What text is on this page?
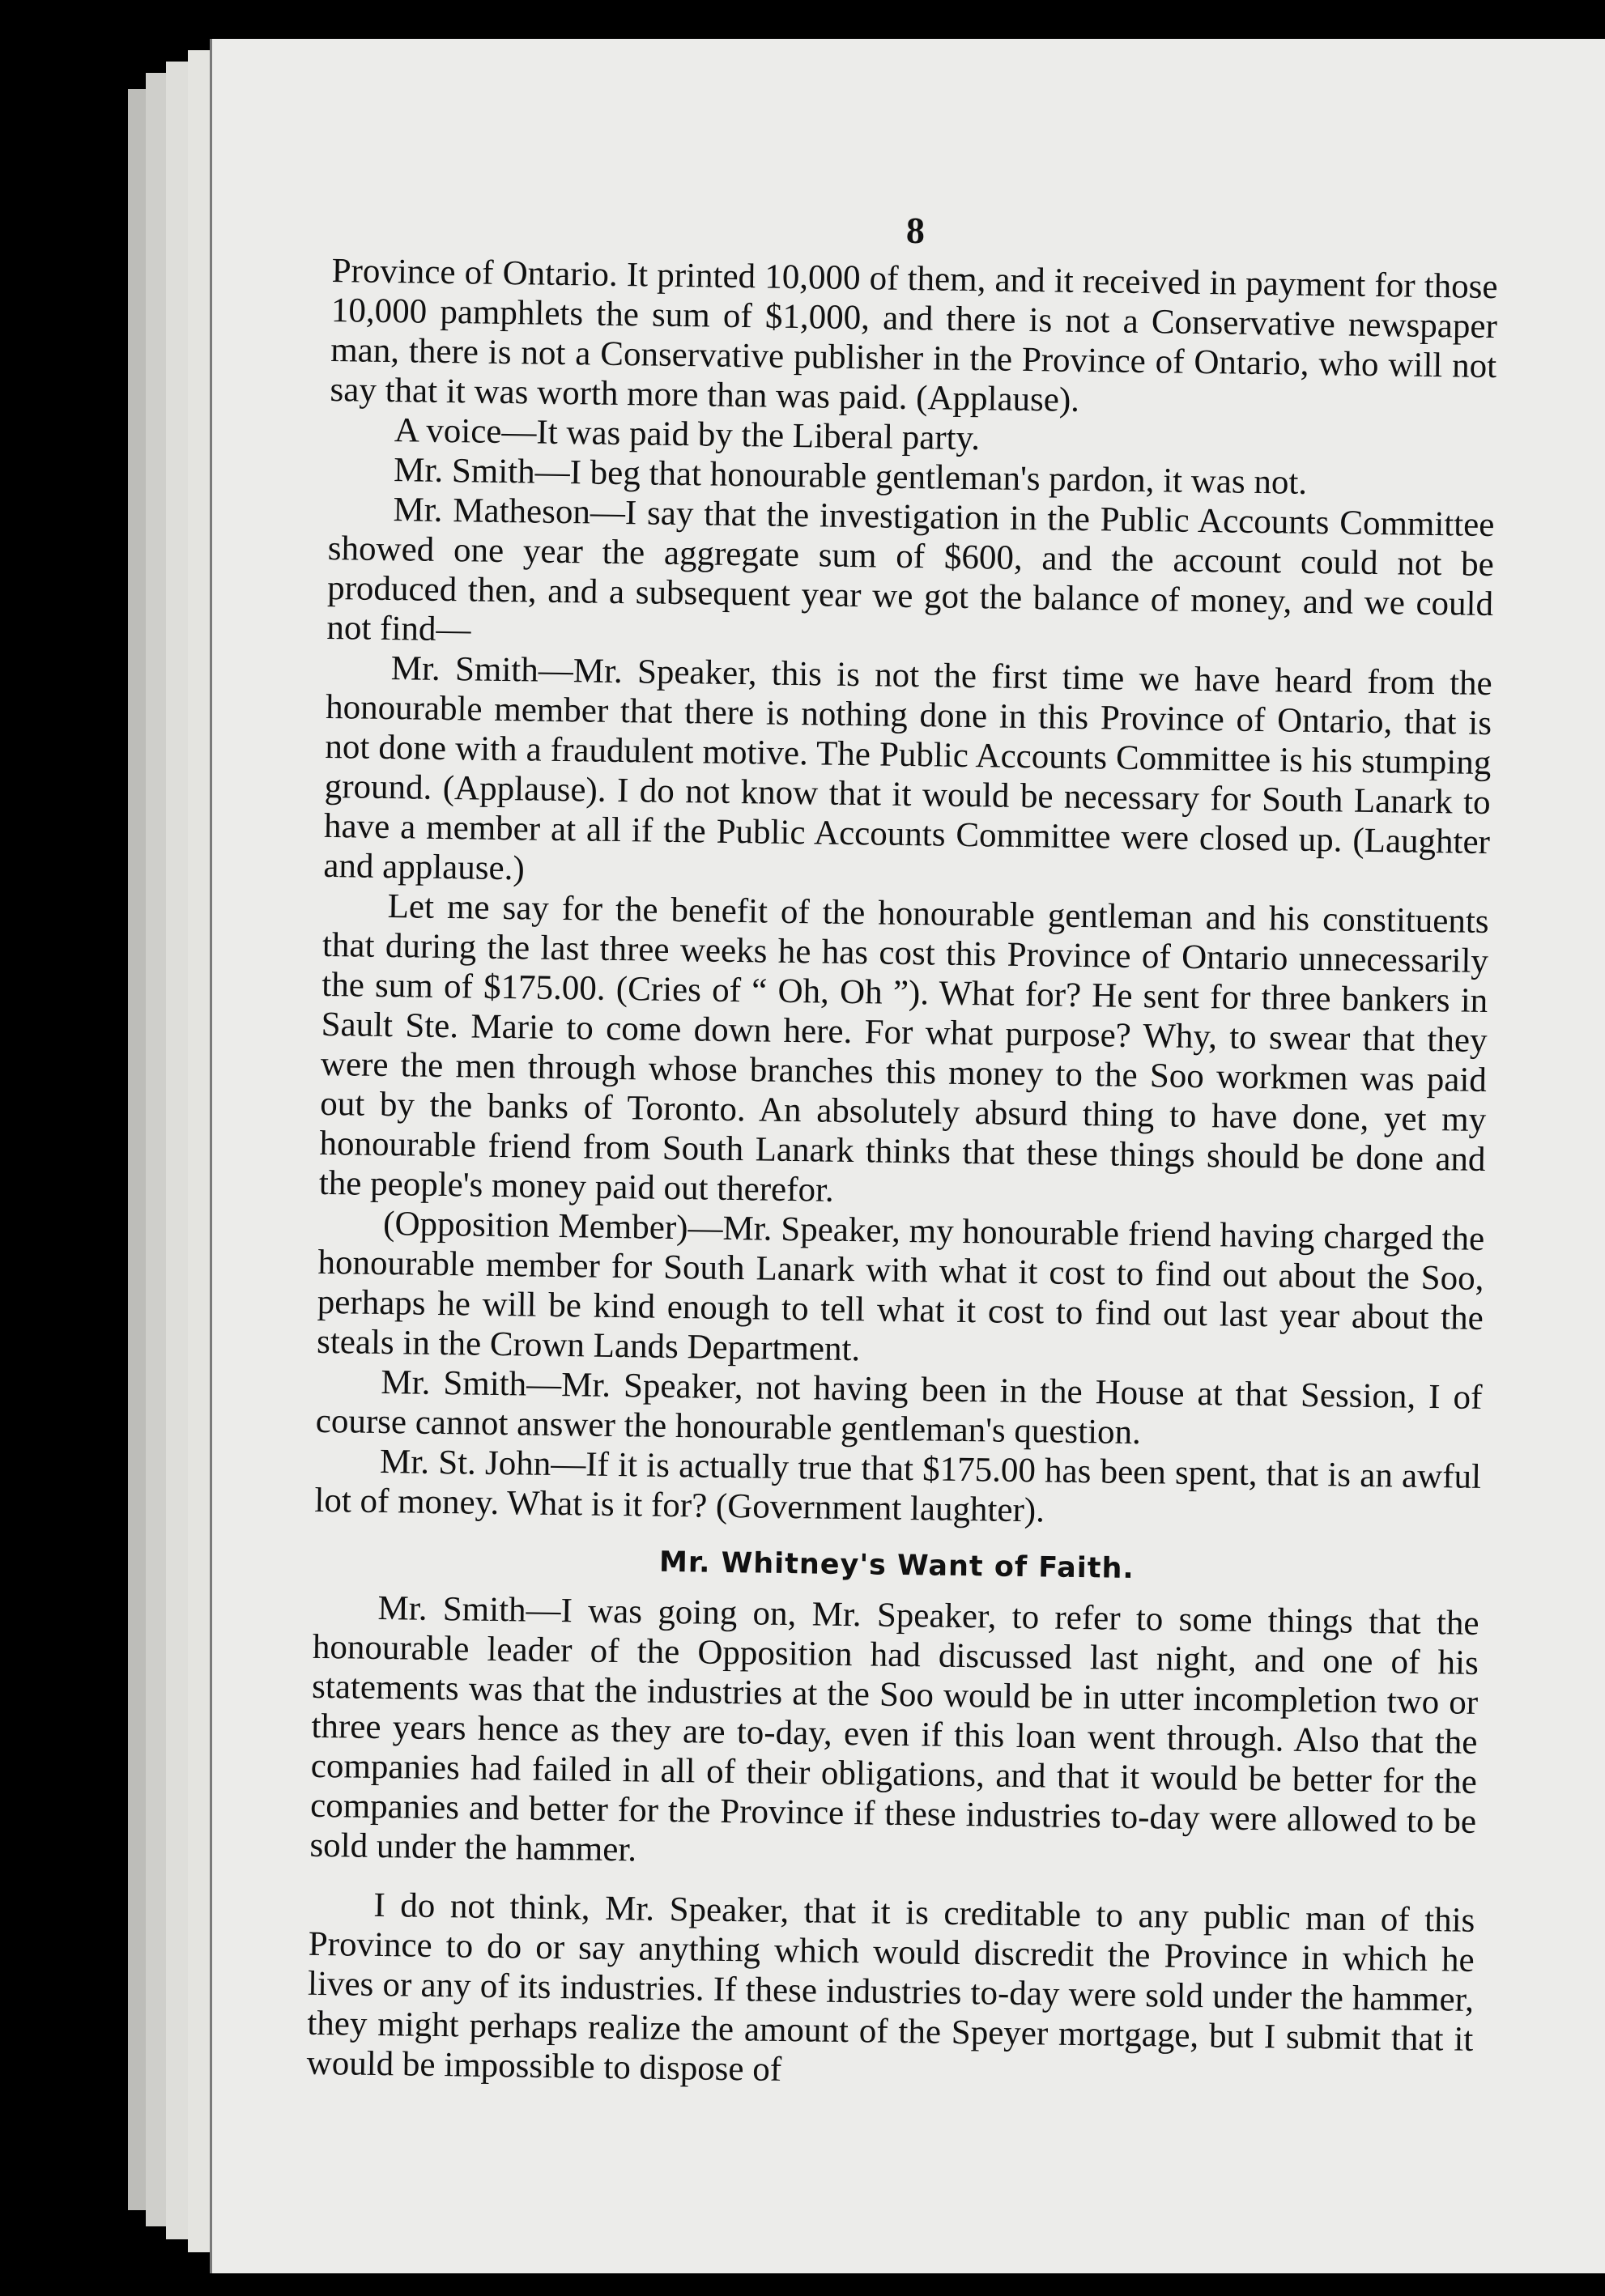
8

Province of Ontario. It printed 10,000 of them, and it received in payment for those 10,000 pamphlets the sum of $1,000, and there is not a Conservative newspaper man, there is not a Conservative publisher in the Province of Ontario, who will not say that it was worth more than was paid. (Applause).

A voice—It was paid by the Liberal party.

Mr. Smith—I beg that honourable gentleman's pardon, it was not.

Mr. Matheson—I say that the investigation in the Public Accounts Committee showed one year the aggregate sum of $600, and the account could not be produced then, and a subsequent year we got the balance of money, and we could not find—

Mr. Smith—Mr. Speaker, this is not the first time we have heard from the honourable member that there is nothing done in this Province of Ontario, that is not done with a fraudulent motive. The Public Accounts Committee is his stumping ground. (Applause). I do not know that it would be necessary for South Lanark to have a member at all if the Public Accounts Committee were closed up. (Laughter and applause.)

Let me say for the benefit of the honourable gentleman and his constituents that during the last three weeks he has cost this Province of Ontario unnecessarily the sum of $175.00. (Cries of “ Oh, Oh ”). What for? He sent for three bankers in Sault Ste. Marie to come down here. For what purpose? Why, to swear that they were the men through whose branches this money to the Soo workmen was paid out by the banks of Toronto. An absolutely absurd thing to have done, yet my honourable friend from South Lanark thinks that these things should be done and the people's money paid out therefor.

(Opposition Member)—Mr. Speaker, my honourable friend having charged the honourable member for South Lanark with what it cost to find out about the Soo, perhaps he will be kind enough to tell what it cost to find out last year about the steals in the Crown Lands Department.

Mr. Smith—Mr. Speaker, not having been in the House at that Session, I of course cannot answer the honourable gentleman's question.

Mr. St. John—If it is actually true that $175.00 has been spent, that is an awful lot of money. What is it for? (Government laughter).

Mr. Whitney's Want of Faith.

Mr. Smith—I was going on, Mr. Speaker, to refer to some things that the honourable leader of the Opposition had discussed last night, and one of his statements was that the industries at the Soo would be in utter incompletion two or three years hence as they are to-day, even if this loan went through. Also that the companies had failed in all of their obligations, and that it would be better for the companies and better for the Province if these industries to-day were allowed to be sold under the hammer.

I do not think, Mr. Speaker, that it is creditable to any public man of this Province to do or say anything which would discredit the Province in which he lives or any of its industries. If these industries to-day were sold under the hammer, they might perhaps realize the amount of the Speyer mortgage, but I submit that it would be impossible to dispose of
